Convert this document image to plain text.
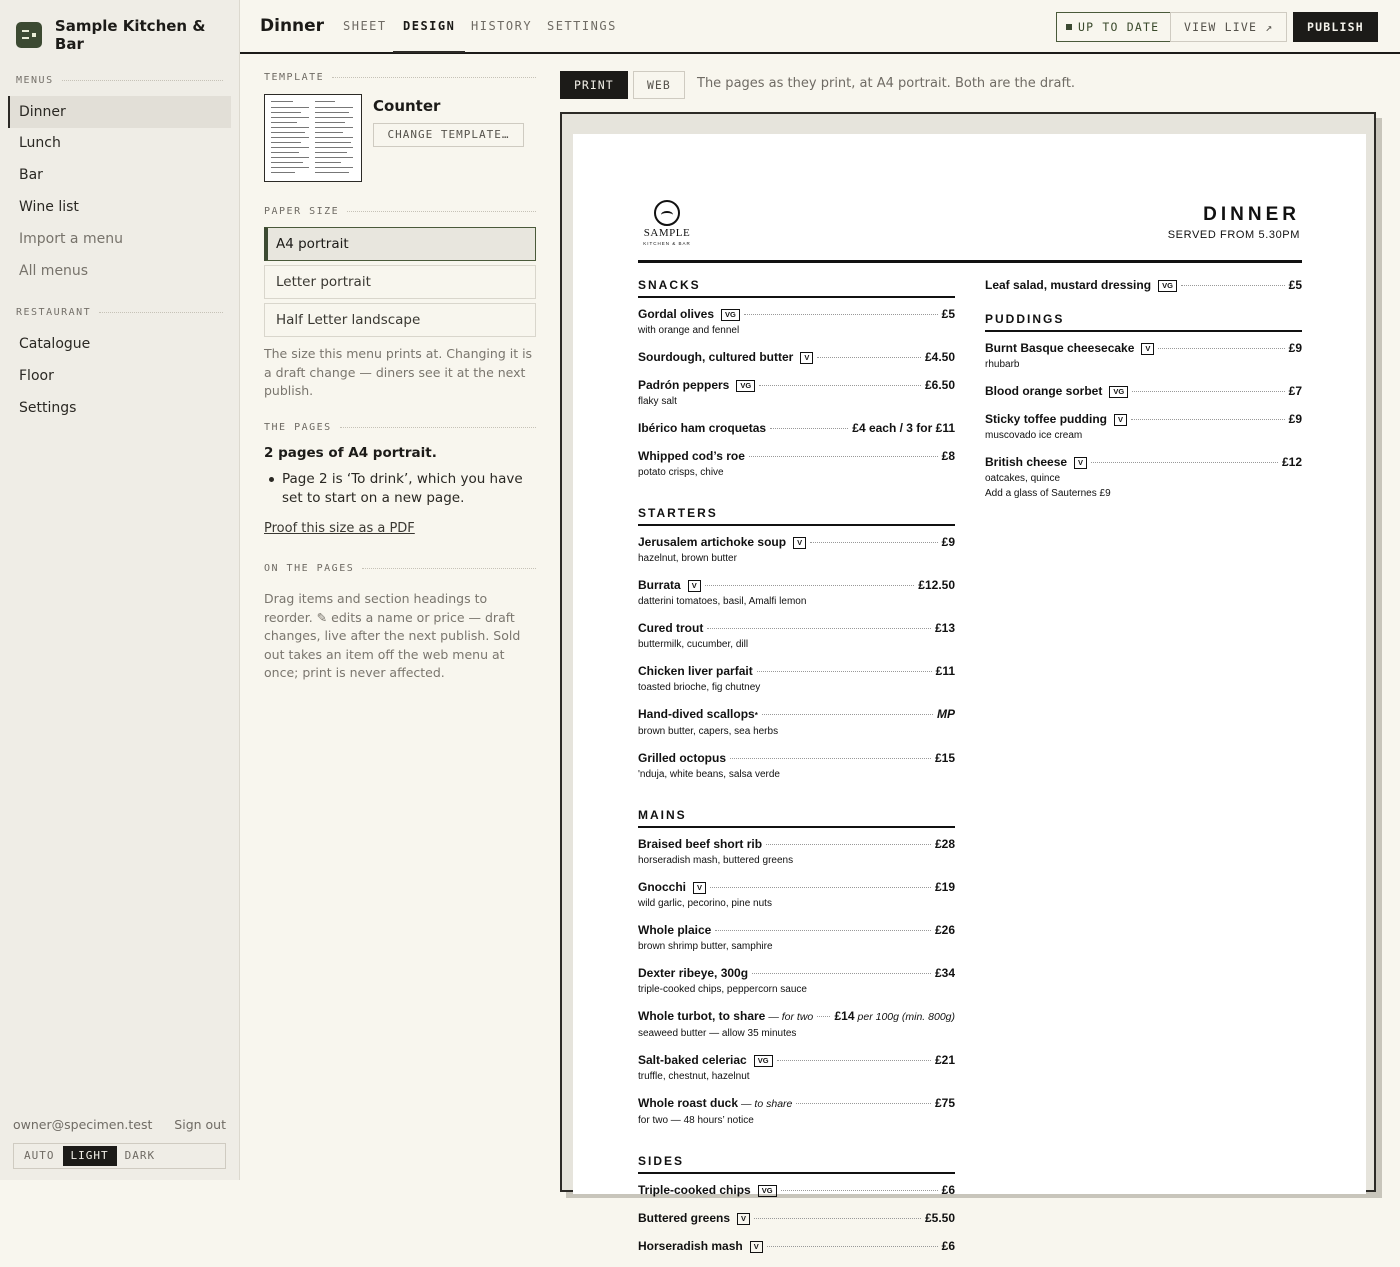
Sample Kitchen & Bar
MENUS
Dinner
Lunch
Bar
Wine list
Import a menu
All menus
RESTAURANT
Catalogue
Floor
Settings
owner@specimen.test Sign out
AUTO	LIGHT	DARK
Dinner SHEET DESIGN HISTORY SETTINGS	UP TO DATE	VIEW LIVE ↗	PUBLISH
TEMPLATE
Counter
CHANGE TEMPLATE…
PAPER SIZE
A4 portrait
Letter portrait
Half Letter landscape
The size this menu prints at. Changing it is a draft change — diners see it at the next publish.
THE PAGES
2 pages of A4 portrait.
Page 2 is ‘To drink’, which you have set to start on a new page.
Proof this size as a PDF
ON THE PAGES
Drag items and section headings to reorder. ✎ edits a name or price — draft changes, live after the next publish. Sold out takes an item off the web menu at once; print is never affected.
PRINT	WEB	The pages as they print, at A4 portrait. Both are the draft.
SAMPLE
KITCHEN & BAR
DINNER
SERVED FROM 5.30PM
SNACKS
Gordal olives	VG	£5
with orange and fennel
Sourdough, cultured butter	V	£4.50
Padrón peppers	VG	£6.50
flaky salt
Ibérico ham croquetas	£4 each / 3 for £11
Whipped cod’s roe	£8
potato crisps, chive
STARTERS
Jerusalem artichoke soup	V	£9
hazelnut, brown butter
Burrata	V	£12.50
datterini tomatoes, basil, Amalfi lemon
Cured trout	£13
buttermilk, cucumber, dill
Chicken liver parfait	£11
toasted brioche, fig chutney
Hand-dived scallops *	MP
brown butter, capers, sea herbs
Grilled octopus	£15
'nduja, white beans, salsa verde
MAINS
Braised beef short rib	£28
horseradish mash, buttered greens
Gnocchi	V	£19
wild garlic, pecorino, pine nuts
Whole plaice	£26
brown shrimp butter, samphire
Dexter ribeye, 300g	£34
triple-cooked chips, peppercorn sauce
Whole turbot, to share — for two £14 per 100g (min. 800g)
seaweed butter — allow 35 minutes
Salt-baked celeriac	VG	£21
truffle, chestnut, hazelnut
Whole roast duck — to share	£75
for two — 48 hours’ notice
SIDES
Triple-cooked chips	VG	£6
Buttered greens	V	£5.50
Horseradish mash	V	£6
Leaf salad, mustard dressing	VG	£5
PUDDINGS
Burnt Basque cheesecake	V	£9
rhubarb
Blood orange sorbet	VG	£7
Sticky toffee pudding	V	£9
muscovado ice cream
British cheese	V	£12
oatcakes, quince
Add a glass of Sauternes £9
